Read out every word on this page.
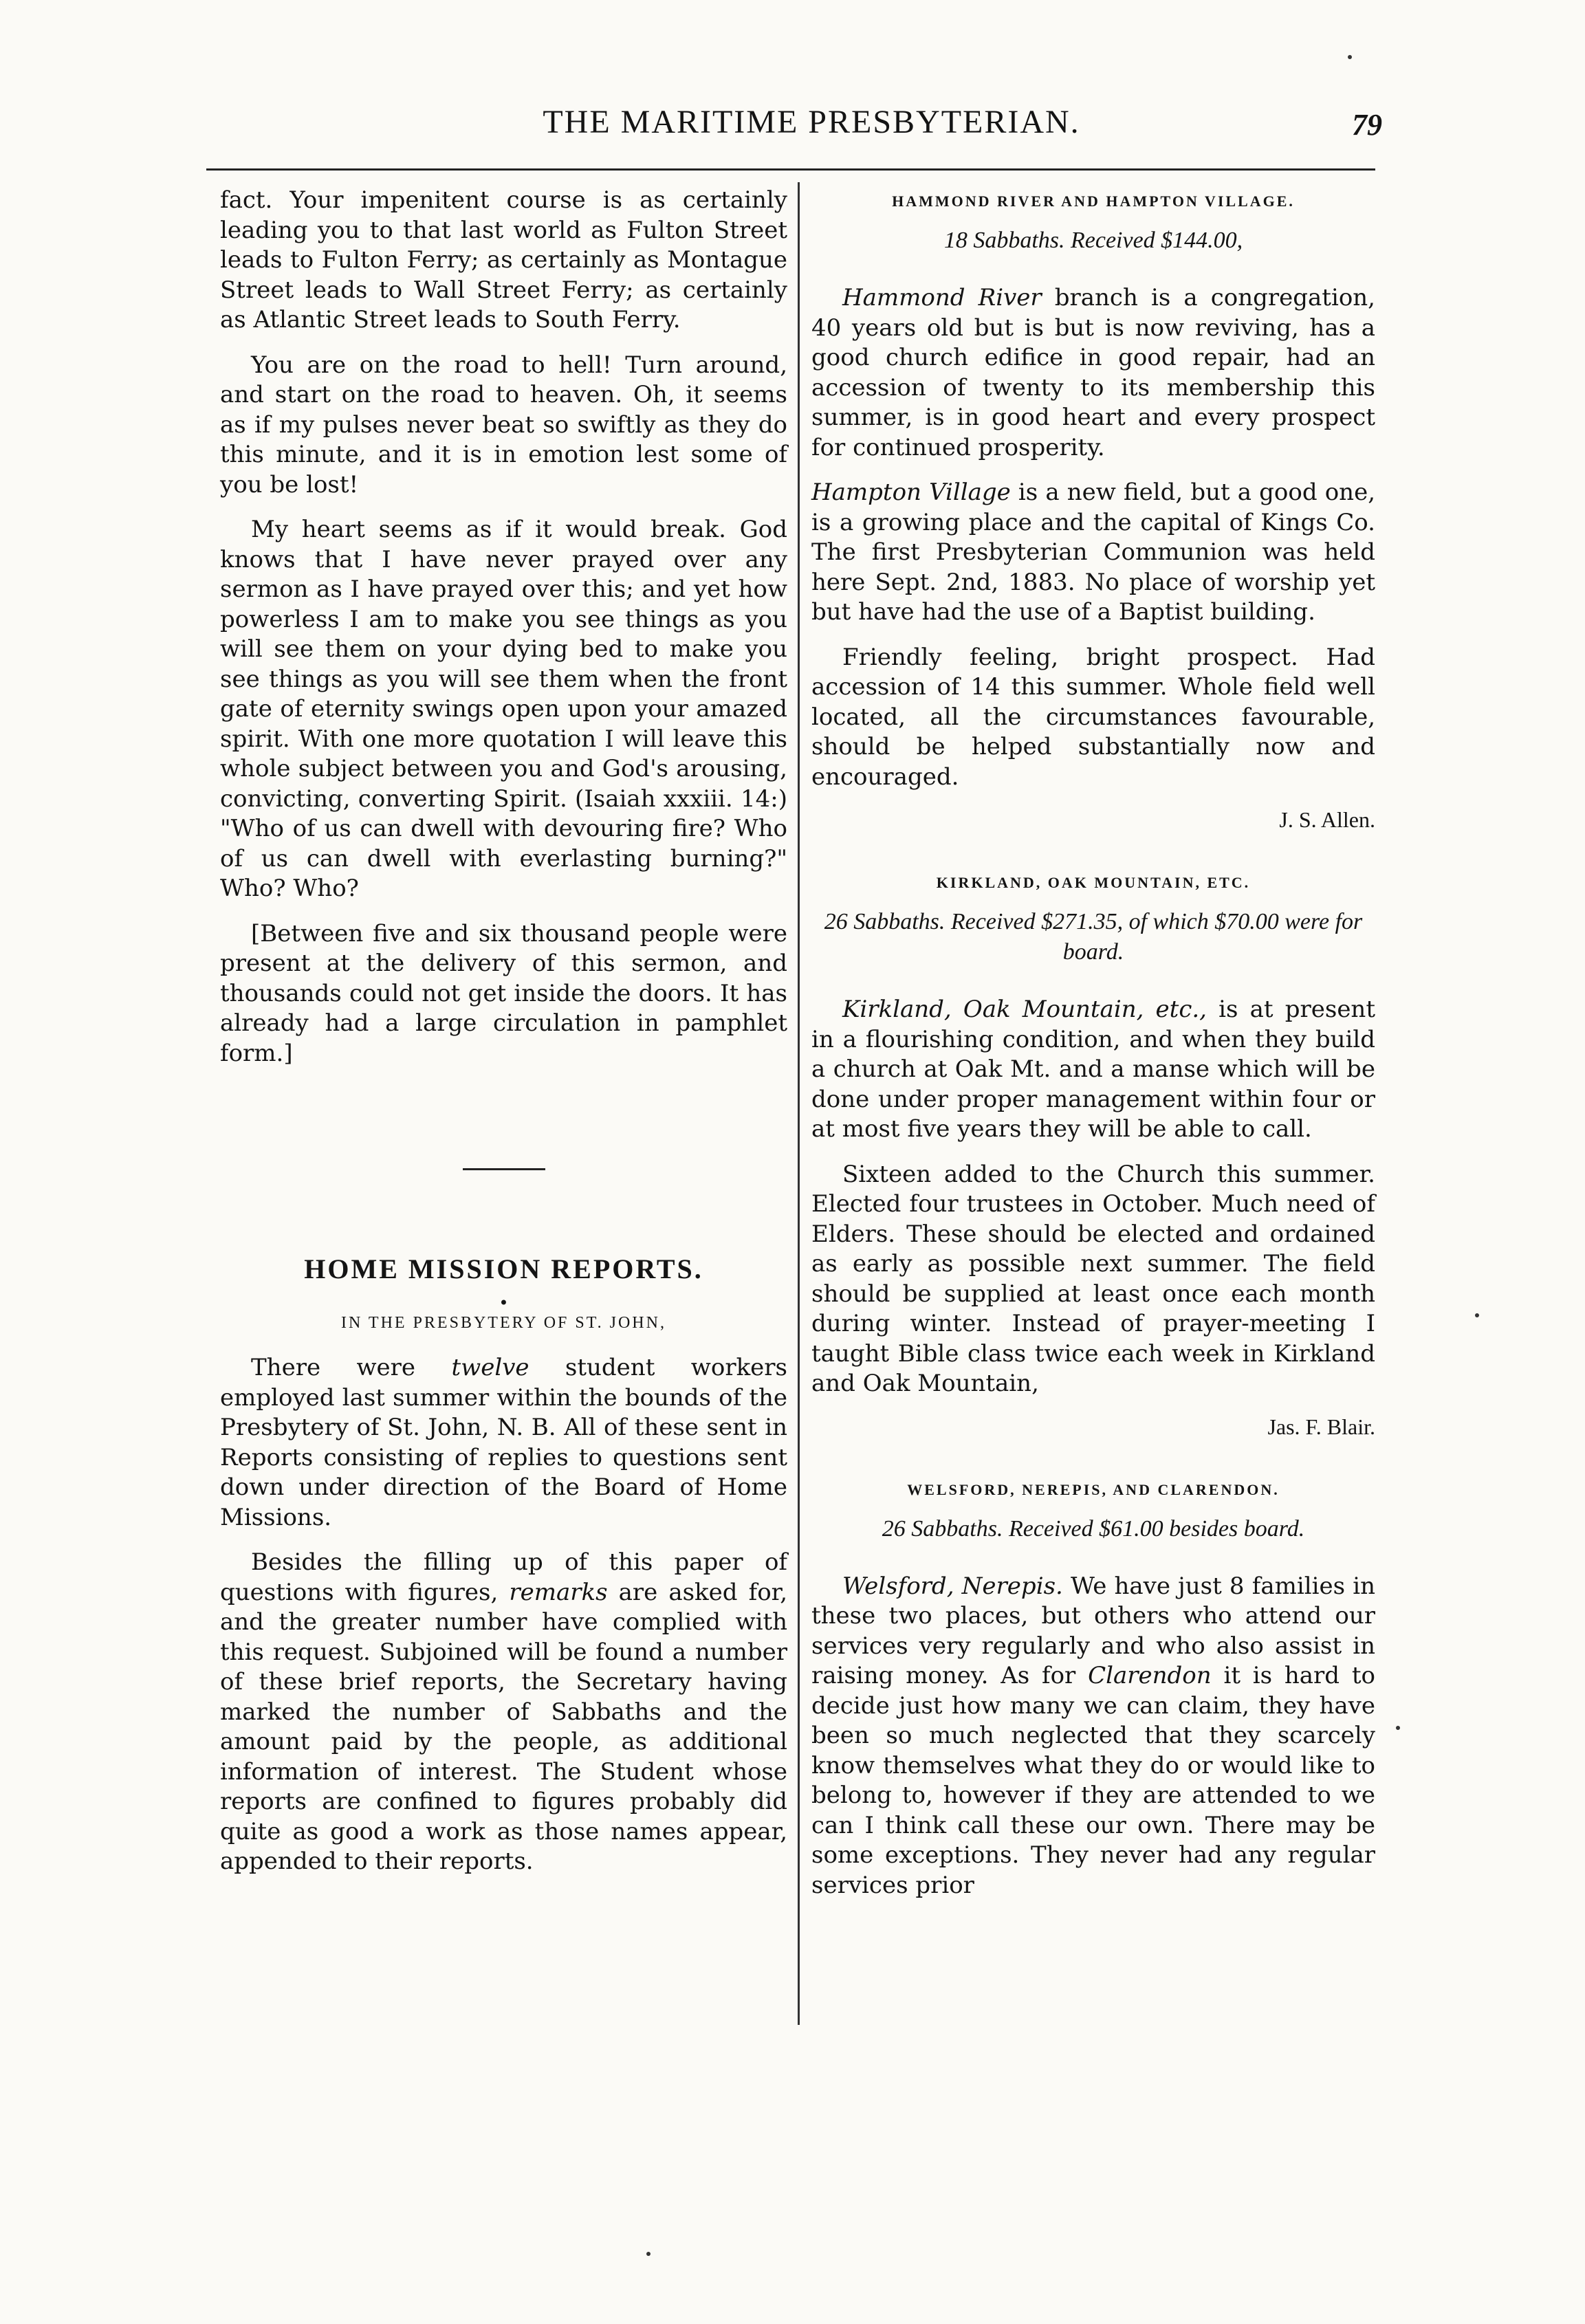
THE MARITIME PRESBYTERIAN.	79

fact. Your impenitent course is as certainly leading you to that last world as Fulton Street leads to Fulton Ferry; as certainly as Montague Street leads to Wall Street Ferry; as certainly as Atlantic Street leads to South Ferry.

You are on the road to hell! Turn around, and start on the road to heaven. Oh, it seems as if my pulses never beat so swiftly as they do this minute, and it is in emotion lest some of you be lost!

My heart seems as if it would break. God knows that I have never prayed over any sermon as I have prayed over this; and yet how powerless I am to make you see things as you will see them on your dying bed to make you see things as you will see them when the front gate of eternity swings open upon your amazed spirit. With one more quotation I will leave this whole subject between you and God's arousing, convicting, converting Spirit. (Isaiah xxxiii. 14:) "Who of us can dwell with devouring fire? Who of us can dwell with everlasting burning?" Who? Who?

[Between five and six thousand people were present at the delivery of this sermon, and thousands could not get inside the doors. It has already had a large circulation in pamphlet form.]

HOME MISSION REPORTS.
•
IN THE PRESBYTERY OF ST. JOHN,

There were twelve student workers employed last summer within the bounds of the Presbytery of St. John, N. B. All of these sent in Reports consisting of replies to questions sent down under direction of the Board of Home Missions.

Besides the filling up of this paper of questions with figures, remarks are asked for, and the greater number have complied with this request. Subjoined will be found a number of these brief reports, the Secretary having marked the number of Sabbaths and the amount paid by the people, as additional information of interest. The Student whose reports are confined to figures probably did quite as good a work as those names appear, appended to their reports.

HAMMOND RIVER AND HAMPTON VILLAGE.

18 Sabbaths. Received $144.00,

Hammond River branch is a congregation, 40 years old but is but is now reviving, has a good church edifice in good repair, had an accession of twenty to its membership this summer, is in good heart and every prospect for continued prosperity.

Hampton Village is a new field, but a good one, is a growing place and the capital of Kings Co. The first Presbyterian Communion was held here Sept. 2nd, 1883. No place of worship yet but have had the use of a Baptist building.

Friendly feeling, bright prospect. Had accession of 14 this summer. Whole field well located, all the circumstances favourable, should be helped substantially now and encouraged.

J. S. Allen.

KIRKLAND, OAK MOUNTAIN, ETC.

26 Sabbaths. Received $271.35, of which $70.00 were for board.

Kirkland, Oak Mountain, etc., is at present in a flourishing condition, and when they build a church at Oak Mt. and a manse which will be done under proper management within four or at most five years they will be able to call.

Sixteen added to the Church this summer. Elected four trustees in October. Much need of Elders. These should be elected and ordained as early as possible next summer. The field should be supplied at least once each month during winter. Instead of prayer-meeting I taught Bible class twice each week in Kirkland and Oak Mountain,

Jas. F. Blair.

WELSFORD, NEREPIS, AND CLARENDON.

26 Sabbaths. Received $61.00 besides board.

Welsford, Nerepis. We have just 8 families in these two places, but others who attend our services very regularly and who also assist in raising money. As for Clarendon it is hard to decide just how many we can claim, they have been so much neglected that they scarcely know themselves what they do or would like to belong to, however if they are attended to we can I think call these our own. There may be some exceptions. They never had any regular services prior
